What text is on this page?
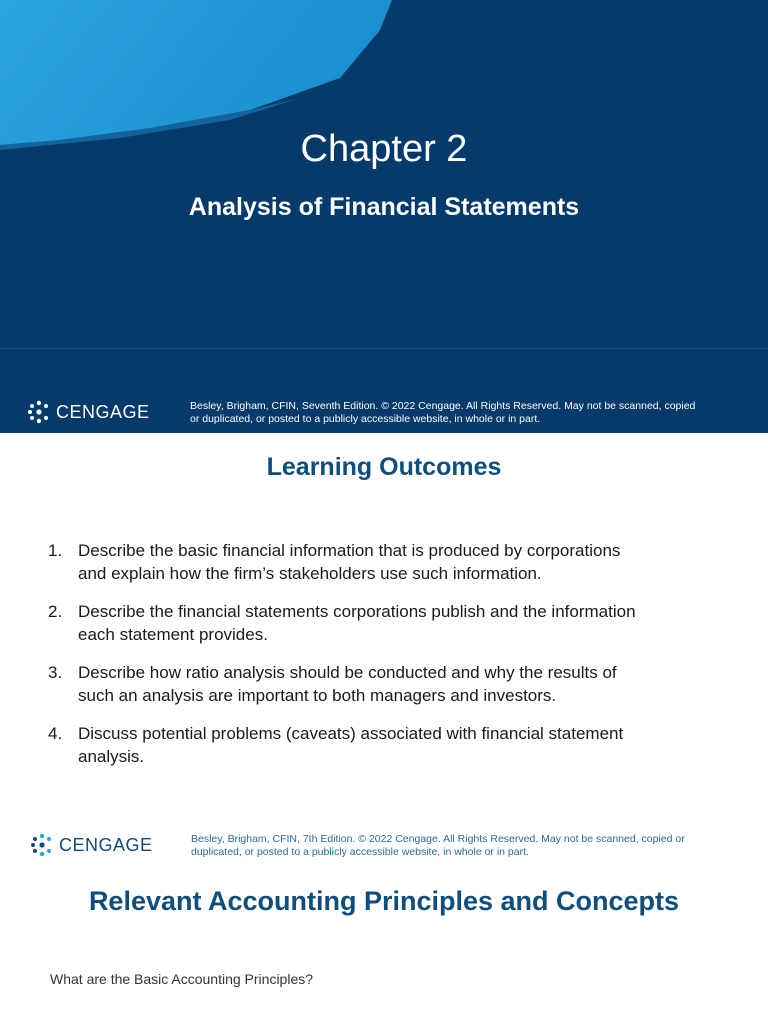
Chapter 2
Analysis of Financial Statements
CENGAGE	Besley, Brigham, CFIN, Seventh Edition. © 2022 Cengage. All Rights Reserved. May not be scanned, copied
or duplicated, or posted to a publicly accessible website, in whole or in part.
Learning Outcomes
1. Describe the basic financial information that is produced by corporations
and explain how the firm’s stakeholders use such information.
2. Describe the financial statements corporations publish and the information
each statement provides.
3. Describe how ratio analysis should be conducted and why the results of
such an analysis are important to both managers and investors.
4. Discuss potential problems (caveats) associated with financial statement
analysis.
CENGAGE	Besley, Brigham, CFIN, 7th Edition. © 2022 Cengage. All Rights Reserved. May not be scanned, copied or
duplicated, or posted to a publicly accessible website, in whole or in part.
Relevant Accounting Principles and Concepts
What are the Basic Accounting Principles?
